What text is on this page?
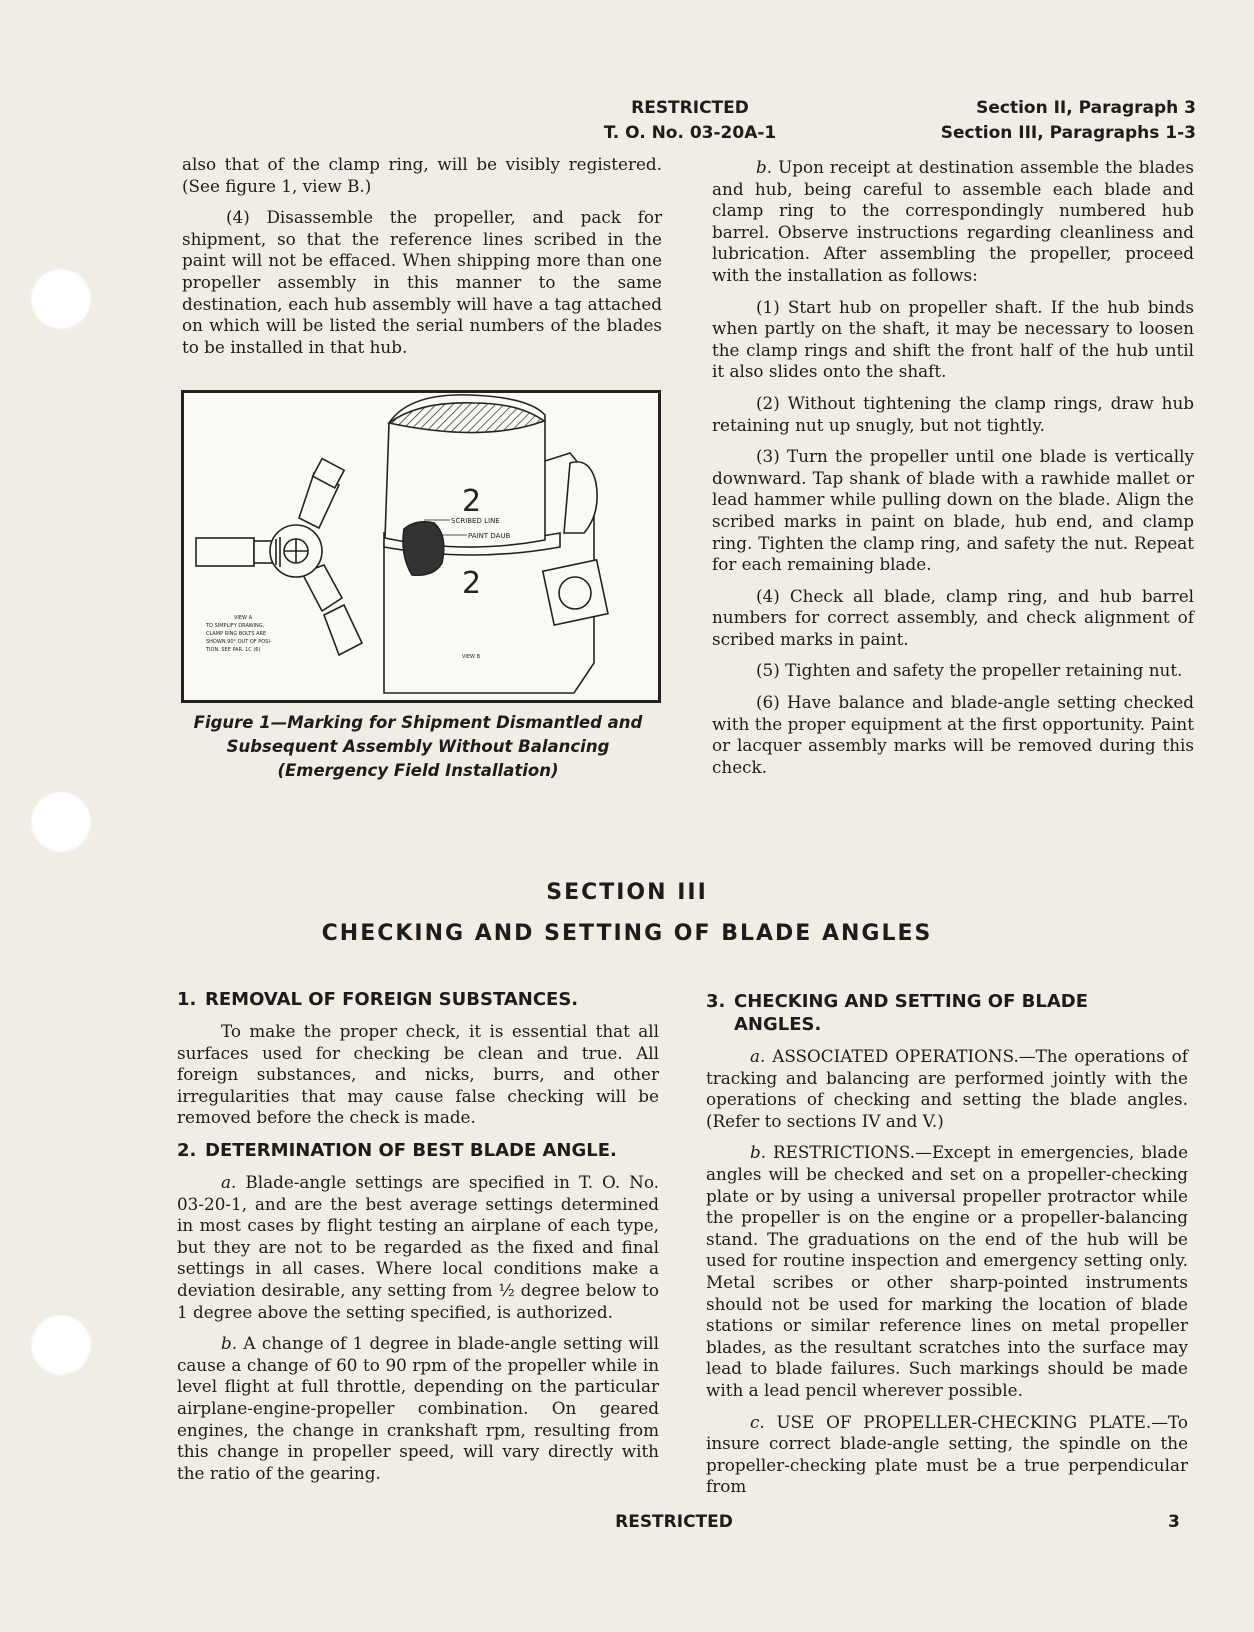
RESTRICTED
T. O. No. 03-20A-1
Section II, Paragraph 3
Section III, Paragraphs 1-3

also that of the clamp ring, will be visibly registered. (See figure 1, view B.)

(4) Disassemble the propeller, and pack for shipment, so that the reference lines scribed in the paint will not be effaced. When shipping more than one propeller assembly in this manner to the same destination, each hub assembly will have a tag attached on which will be listed the serial numbers of the blades to be installed in that hub.

2
2
SCRIBED LINE
PAINT DAUB
VIEW A
TO SIMPLIFY DRAWING,
CLAMP RING BOLTS ARE
SHOWN 90° OUT OF POSI-
TION. SEE PAR. 1C (6)
VIEW B
Figure 1—Marking for Shipment Dismantled and Subsequent Assembly Without Balancing (Emergency Field Installation)

b. Upon receipt at destination assemble the blades and hub, being careful to assemble each blade and clamp ring to the correspondingly numbered hub barrel. Observe instructions regarding cleanliness and lubrication. After assembling the propeller, proceed with the installation as follows:

(1) Start hub on propeller shaft. If the hub binds when partly on the shaft, it may be necessary to loosen the clamp rings and shift the front half of the hub until it also slides onto the shaft.

(2) Without tightening the clamp rings, draw hub retaining nut up snugly, but not tightly.

(3) Turn the propeller until one blade is vertically downward. Tap shank of blade with a rawhide mallet or lead hammer while pulling down on the blade. Align the scribed marks in paint on blade, hub end, and clamp ring. Tighten the clamp ring, and safety the nut. Repeat for each remaining blade.

(4) Check all blade, clamp ring, and hub barrel numbers for correct assembly, and check alignment of scribed marks in paint.

(5) Tighten and safety the propeller retaining nut.

(6) Have balance and blade-angle setting checked with the proper equipment at the first opportunity. Paint or lacquer assembly marks will be removed during this check.

SECTION III
CHECKING AND SETTING OF BLADE ANGLES
1. REMOVAL OF FOREIGN SUBSTANCES.

To make the proper check, it is essential that all surfaces used for checking be clean and true. All foreign substances, and nicks, burrs, and other irregularities that may cause false checking will be removed before the check is made.

2. DETERMINATION OF BEST BLADE ANGLE.

a. Blade-angle settings are specified in T. O. No. 03-20-1, and are the best average settings determined in most cases by flight testing an airplane of each type, but they are not to be regarded as the fixed and final settings in all cases. Where local conditions make a deviation desirable, any setting from ½ degree below to 1 degree above the setting specified, is authorized.

b. A change of 1 degree in blade-angle setting will cause a change of 60 to 90 rpm of the propeller while in level flight at full throttle, depending on the particular airplane-engine-propeller combination. On geared engines, the change in crankshaft rpm, resulting from this change in propeller speed, will vary directly with the ratio of the gearing.

3. CHECKING AND SETTING OF BLADE
ANGLES.

a. ASSOCIATED OPERATIONS.—The operations of tracking and balancing are performed jointly with the operations of checking and setting the blade angles. (Refer to sections IV and V.)

b. RESTRICTIONS.—Except in emergencies, blade angles will be checked and set on a propeller-checking plate or by using a universal propeller protractor while the propeller is on the engine or a propeller-balancing stand. The graduations on the end of the hub will be used for routine inspection and emergency setting only. Metal scribes or other sharp-pointed instruments should not be used for marking the location of blade stations or similar reference lines on metal propeller blades, as the resultant scratches into the surface may lead to blade failures. Such markings should be made with a lead pencil wherever possible.

c. USE OF PROPELLER-CHECKING PLATE.—To insure correct blade-angle setting, the spindle on the propeller-checking plate must be a true perpendicular from

RESTRICTED	3
